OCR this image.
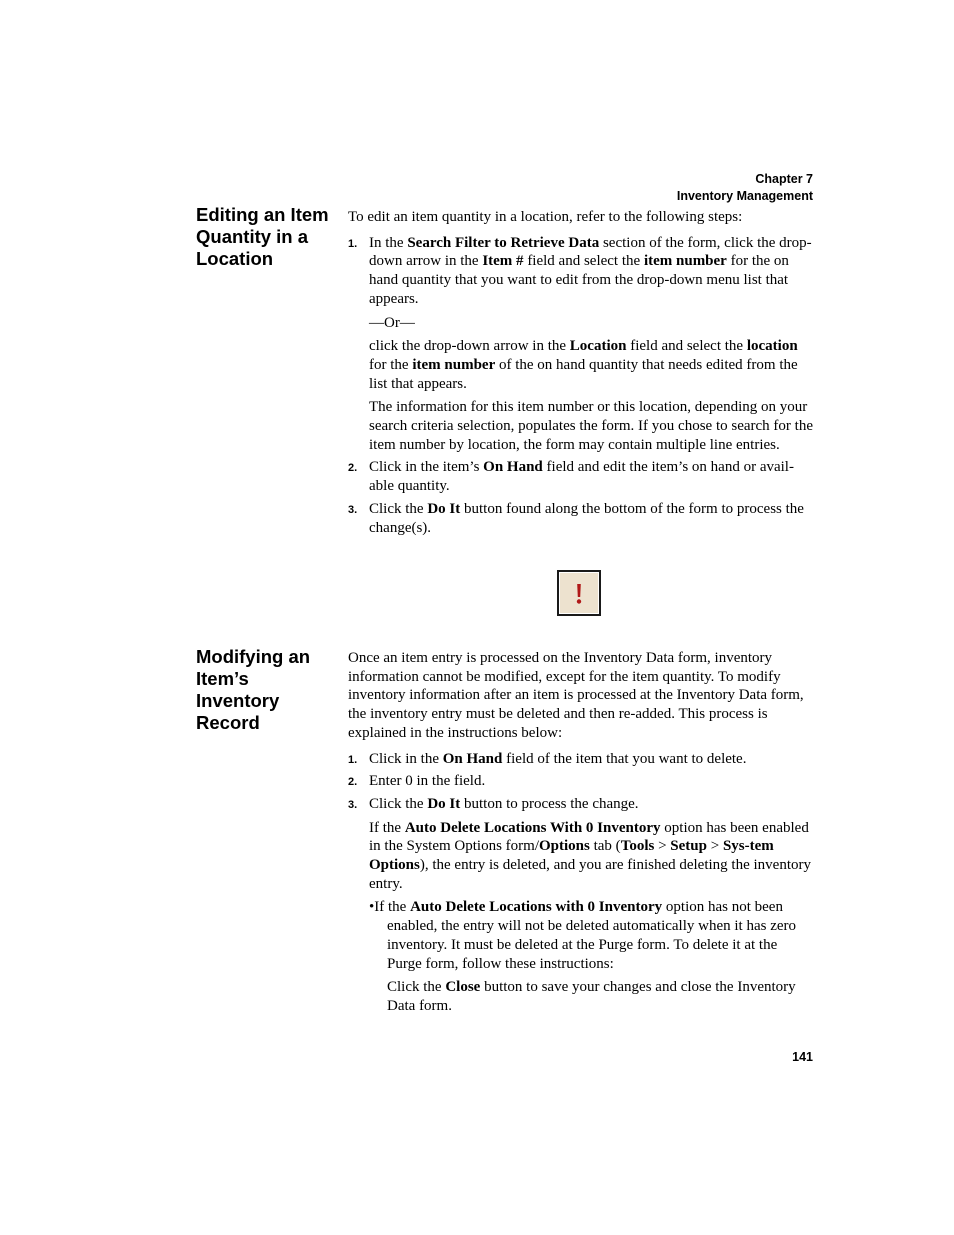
Chapter 7
Inventory Management
Editing an Item Quantity in a Location

To edit an item quantity in a location, refer to the following steps:

1. In the Search Filter to Retrieve Data section of the form, click the drop-down arrow in the Item # field and select the item number for the on hand quantity that you want to edit from the drop-down menu list that appears.

—Or—

click the drop-down arrow in the Location field and select the location for the item number of the on hand quantity that needs edited from the list that appears.

The information for this item number or this location, depending on your search criteria selection, populates the form. If you chose to search for the item number by location, the form may contain multiple line entries.

2. Click in the item’s On Hand field and edit the item’s on hand or avail-able quantity.

3. Click the Do It button found along the bottom of the form to process the change(s).

Modifying an Item’s Inventory Record

Once an item entry is processed on the Inventory Data form, inventory information cannot be modified, except for the item quantity. To modify inventory information after an item is processed at the Inventory Data form, the inventory entry must be deleted and then re-added. This process is explained in the instructions below:

1. Click in the On Hand field of the item that you want to delete.

2. Enter 0 in the field.

3. Click the Do It button to process the change.

If the Auto Delete Locations With 0 Inventory option has been enabled in the System Options form/Options tab (Tools > Setup > Sys-tem Options), the entry is deleted, and you are finished deleting the inventory entry.

•If the Auto Delete Locations with 0 Inventory option has not been enabled, the entry will not be deleted automatically when it has zero inventory. It must be deleted at the Purge form. To delete it at the Purge form, follow these instructions:

Click the Close button to save your changes and close the Inventory Data form.

141
